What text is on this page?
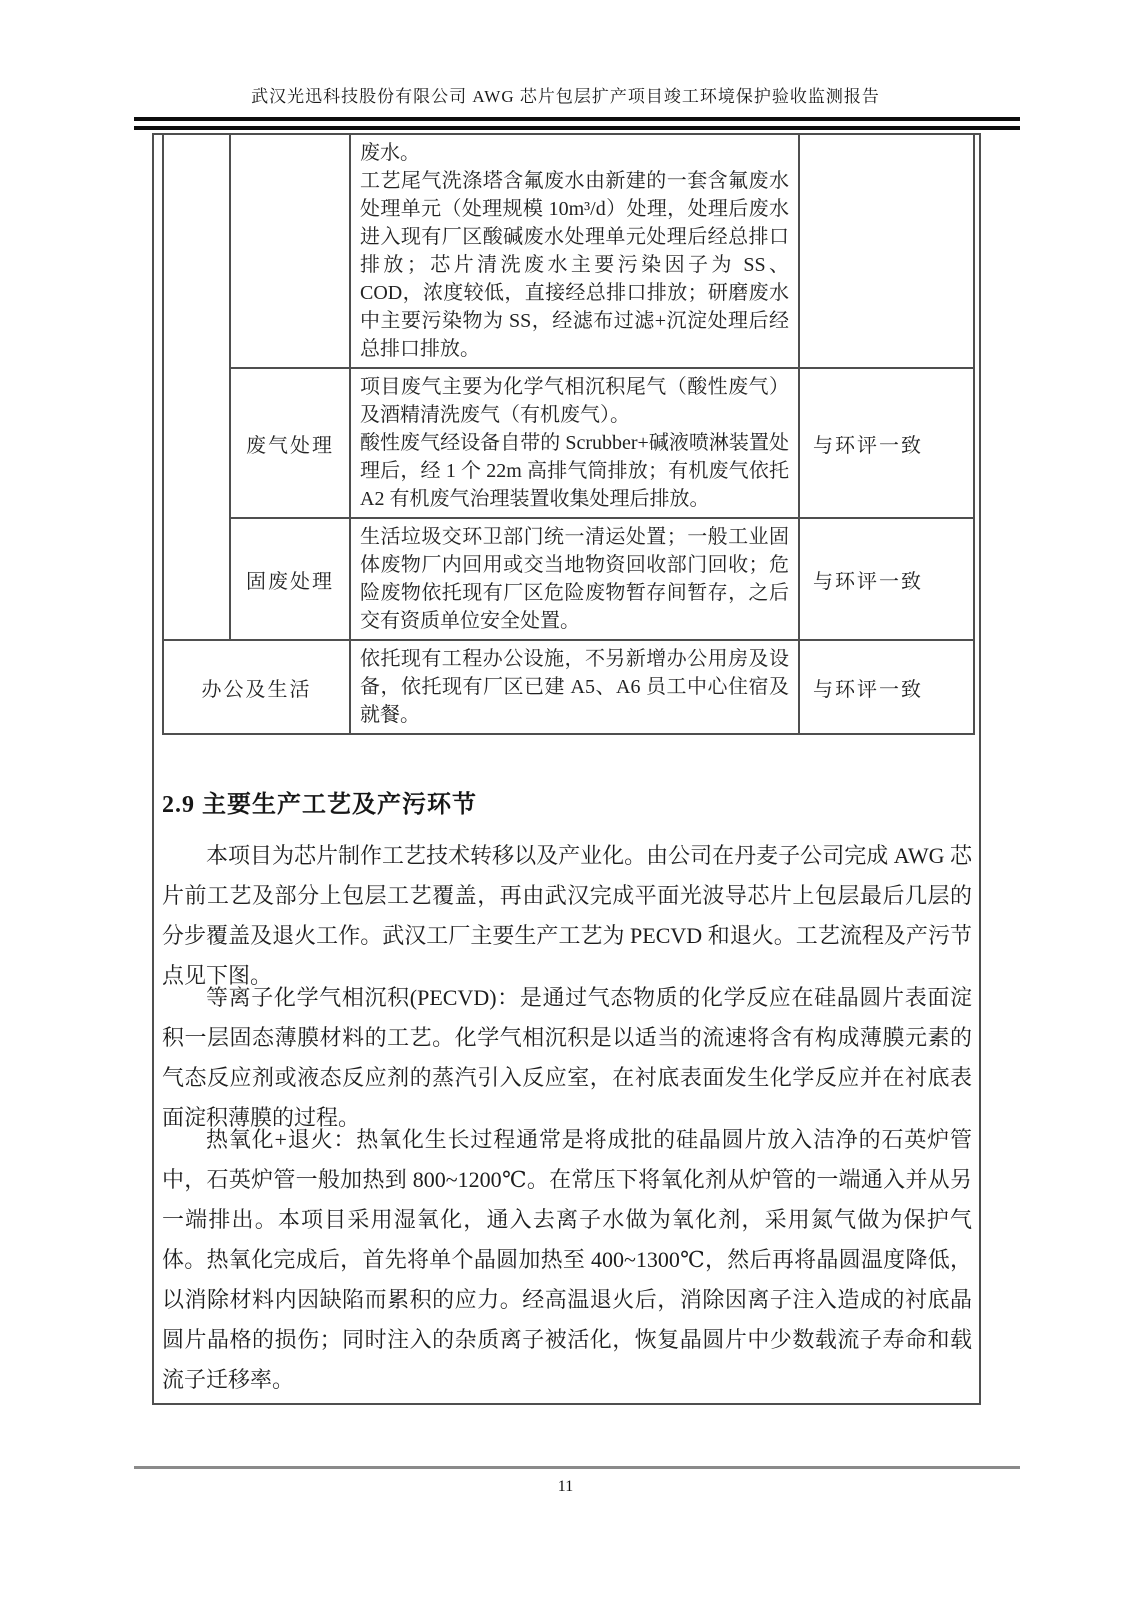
武汉光迅科技股份有限公司 AWG 芯片包层扩产项目竣工环境保护验收监测报告

		废水。
工艺尾气洗涤塔含氟废水由新建的一套含氟废水处理单元（处理规模 10m³/d）处理，处理后废水进入现有厂区酸碱废水处理单元处理后经总排口排放；芯片清洗废水主要污染因子为 SS、COD，浓度较低，直接经总排口排放；研磨废水中主要污染物为 SS，经滤布过滤+沉淀处理后经总排口排放。	

	废气处理	项目废气主要为化学气相沉积尾气（酸性废气）及酒精清洗废气（有机废气）。
酸性废气经设备自带的 Scrubber+碱液喷淋装置处理后，经 1 个 22m 高排气筒排放；有机废气依托 A2 有机废气治理装置收集处理后排放。	与环评一致
	固废处理	生活垃圾交环卫部门统一清运处置；一般工业固体废物厂内回用或交当地物资回收部门回收；危险废物依托现有厂区危险废物暂存间暂存，之后交有资质单位安全处置。	与环评一致
办公及生活		依托现有工程办公设施，不另新增办公用房及设备，依托现有厂区已建 A5、A6 员工中心住宿及就餐。	与环评一致
2.9 主要生产工艺及产污环节
本项目为芯片制作工艺技术转移以及产业化。由公司在丹麦子公司完成 AWG 芯片前工艺及部分上包层工艺覆盖，再由武汉完成平面光波导芯片上包层最后几层的分步覆盖及退火工作。武汉工厂主要生产工艺为 PECVD 和退火。工艺流程及产污节点见下图。
等离子化学气相沉积(PECVD)：是通过气态物质的化学反应在硅晶圆片表面淀积一层固态薄膜材料的工艺。化学气相沉积是以适当的流速将含有构成薄膜元素的气态反应剂或液态反应剂的蒸汽引入反应室，在衬底表面发生化学反应并在衬底表面淀积薄膜的过程。
热氧化+退火：热氧化生长过程通常是将成批的硅晶圆片放入洁净的石英炉管中，石英炉管一般加热到 800~1200℃。在常压下将氧化剂从炉管的一端通入并从另一端排出。本项目采用湿氧化，通入去离子水做为氧化剂，采用氮气做为保护气体。热氧化完成后，首先将单个晶圆加热至 400~1300℃，然后再将晶圆温度降低，以消除材料内因缺陷而累积的应力。经高温退火后，消除因离子注入造成的衬底晶圆片晶格的损伤；同时注入的杂质离子被活化，恢复晶圆片中少数载流子寿命和载流子迁移率。
11
